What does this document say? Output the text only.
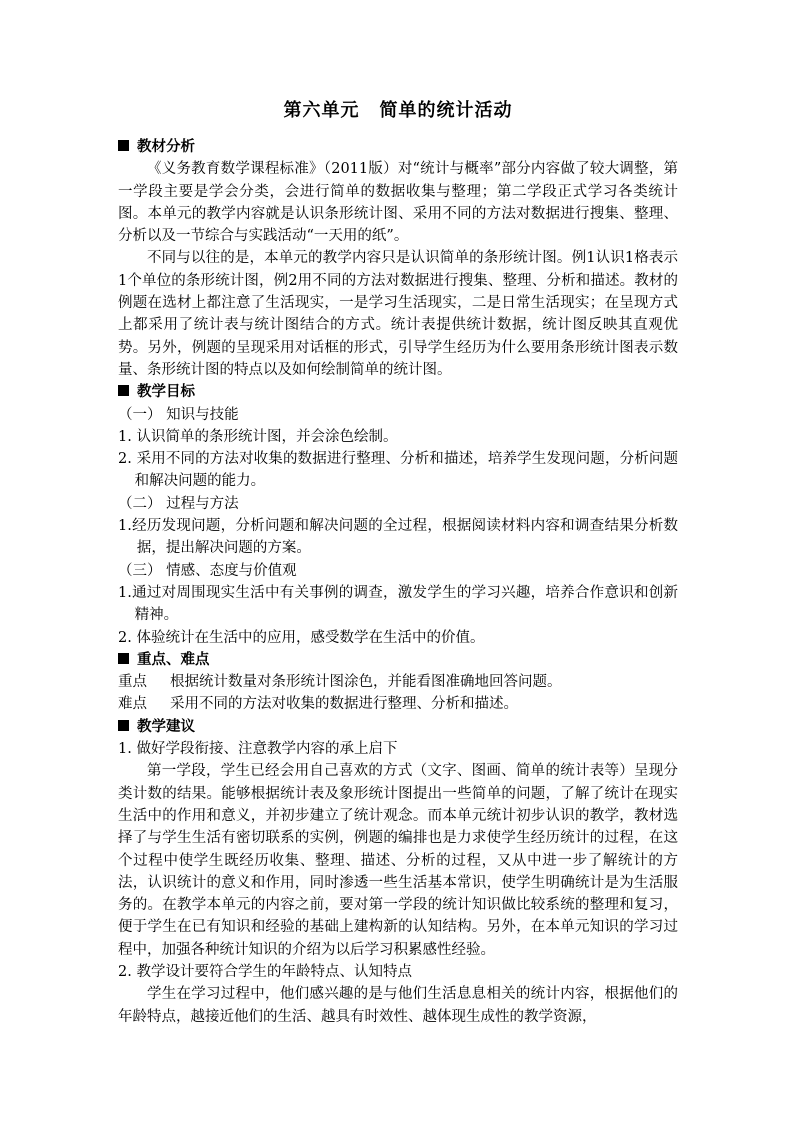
第六单元 简单的统计活动

教材分析

《义务教育数学课程标准》（2011版）对“统计与概率”部分内容做了较大调整，第一学段主要是学会分类，会进行简单的数据收集与整理；第二学段正式学习各类统计图。本单元的教学内容就是认识条形统计图、采用不同的方法对数据进行搜集、整理、分析以及一节综合与实践活动“一天用的纸”。

不同与以往的是，本单元的教学内容只是认识简单的条形统计图。例1认识1格表示1个单位的条形统计图，例2用不同的方法对数据进行搜集、整理、分析和描述。教材的例题在选材上都注意了生活现实，一是学习生活现实，二是日常生活现实；在呈现方式上都采用了统计表与统计图结合的方式。统计表提供统计数据，统计图反映其直观优势。另外，例题的呈现采用对话框的形式，引导学生经历为什么要用条形统计图表示数量、条形统计图的特点以及如何绘制简单的统计图。

教学目标

（一） 知识与技能

1. 认识简单的条形统计图，并会涂色绘制。

2. 采用不同的方法对收集的数据进行整理、分析和描述，培养学生发现问题，分析问题和解决问题的能力。

（二） 过程与方法

1.经历发现问题，分析问题和解决问题的全过程，根据阅读材料内容和调查结果分析数据，提出解决问题的方案。

（三） 情感、态度与价值观

1.通过对周围现实生活中有关事例的调查，激发学生的学习兴趣，培养合作意识和创新精神。

2. 体验统计在生活中的应用，感受数学在生活中的价值。

重点、难点

重点 根据统计数量对条形统计图涂色，并能看图准确地回答问题。

难点 采用不同的方法对收集的数据进行整理、分析和描述。

教学建议

1. 做好学段衔接、注意教学内容的承上启下

第一学段，学生已经会用自己喜欢的方式（文字、图画、简单的统计表等）呈现分类计数的结果。能够根据统计表及象形统计图提出一些简单的问题，了解了统计在现实生活中的作用和意义，并初步建立了统计观念。而本单元统计初步认识的教学，教材选择了与学生生活有密切联系的实例，例题的编排也是力求使学生经历统计的过程，在这个过程中使学生既经历收集、整理、描述、分析的过程，又从中进一步了解统计的方法，认识统计的意义和作用，同时渗透一些生活基本常识，使学生明确统计是为生活服务的。在教学本单元的内容之前，要对第一学段的统计知识做比较系统的整理和复习，便于学生在已有知识和经验的基础上建构新的认知结构。另外，在本单元知识的学习过程中，加强各种统计知识的介绍为以后学习积累感性经验。

2. 教学设计要符合学生的年龄特点、认知特点

学生在学习过程中，他们感兴趣的是与他们生活息息相关的统计内容，根据他们的年龄特点，越接近他们的生活、越具有时效性、越体现生成性的教学资源，
